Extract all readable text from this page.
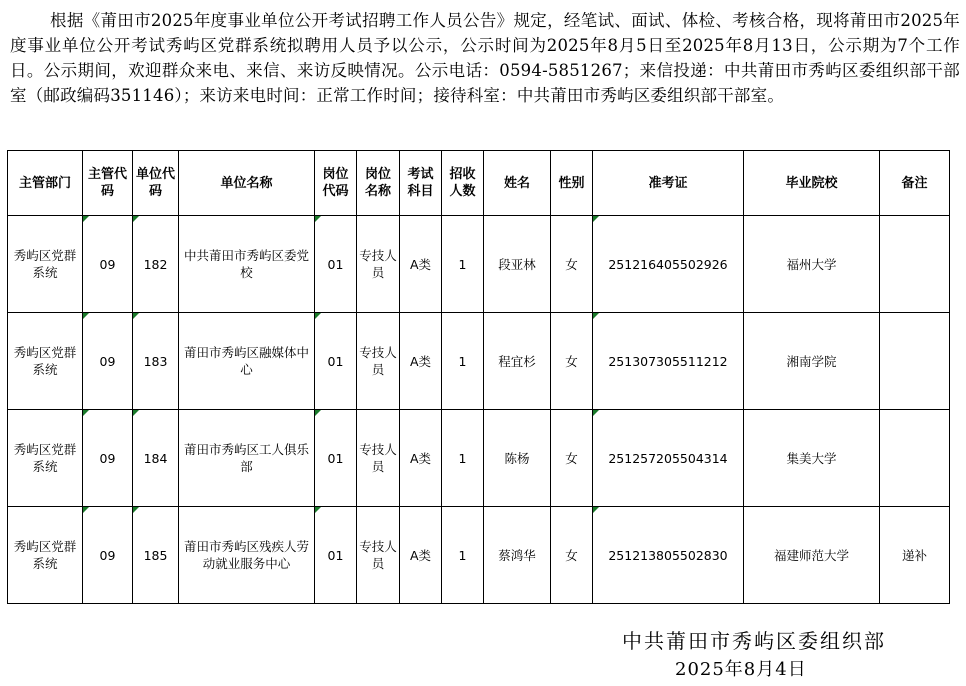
根据《莆田市2025年度事业单位公开考试招聘工作人员公告》规定，经笔试、面试、体检、考核合格，现将莆田市2025年度事业单位公开考试秀屿区党群系统拟聘用人员予以公示，公示时间为2025年8月5日至2025年8月13日，公示期为7个工作日。公示期间，欢迎群众来电、来信、来访反映情况。公示电话：0594-5851267；来信投递：中共莆田市秀屿区委组织部干部室（邮政编码351146）；来访来电时间：正常工作时间；接待科室：中共莆田市秀屿区委组织部干部室。

主管部门	主管代码	单位代码	单位名称	岗位代码	岗位名称	考试科目	招收人数	姓名	性别	准考证	毕业院校	备注
秀屿区党群系统	09	182	中共莆田市秀屿区委党校	01	专技人员	A类	1	段亚林	女	251216405502926	福州大学	
秀屿区党群系统	09	183	莆田市秀屿区融媒体中心	01	专技人员	A类	1	程宜杉	女	251307305511212	湘南学院	
秀屿区党群系统	09	184	莆田市秀屿区工人俱乐部	01	专技人员	A类	1	陈杨	女	251257205504314	集美大学	
秀屿区党群系统	09	185	莆田市秀屿区残疾人劳动就业服务中心	01	专技人员	A类	1	蔡鸿华	女	251213805502830	福建师范大学	递补

中共莆田市秀屿区委组织部

2025年8月4日
